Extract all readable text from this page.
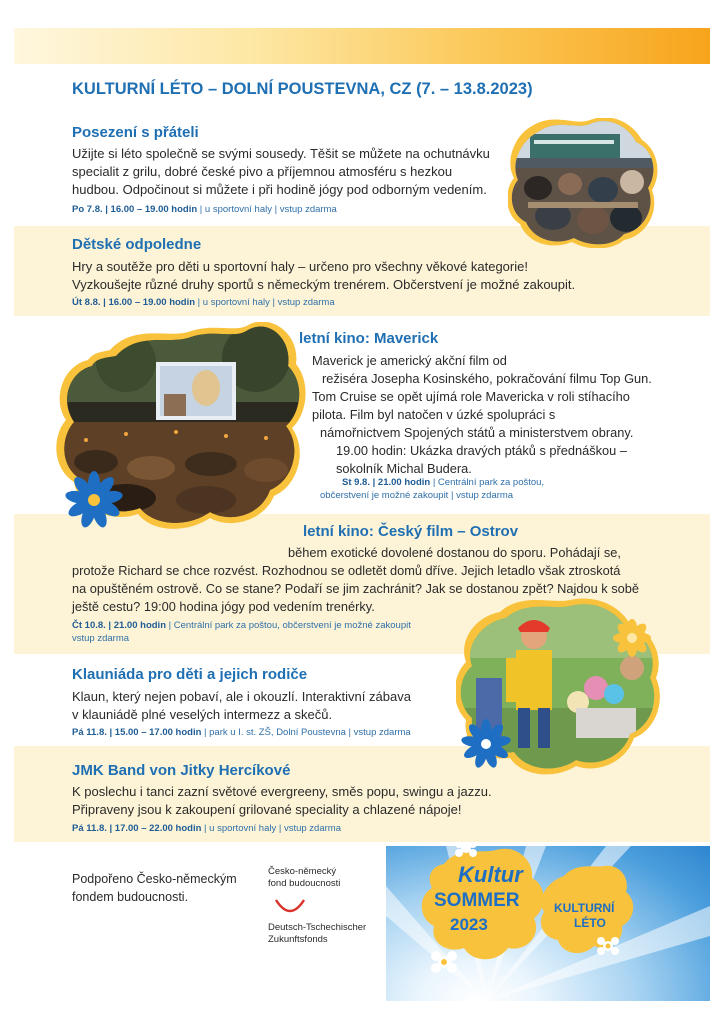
KULTURNÍ LÉTO – DOLNÍ POUSTEVNA, CZ (7. – 13.8.2023)
Posezení s přáteli

Užijte si léto společně se svými sousedy. Těšit se můžete na ochutnávku
specialit z grilu, dobré české pivo a příjemnou atmosféru s hezkou
hudbou. Odpočinout si můžete i při hodině jógy pod odborným vedením.

Po 7.8. | 16.00 – 19.00 hodin | u sportovní haly | vstup zdarma
Dětské odpoledne

Hry a soutěže pro děti u sportovní haly – určeno pro všechny věkové kategorie!
Vyzkoušejte různé druhy sportů s německým trenérem. Občerstvení je možné zakoupit.

Út 8.8. | 16.00 – 19.00 hodin | u sportovní haly | vstup zdarma
letní kino: Maverick

Maverick je americký akční film od
režiséra Josepha Kosinského, pokračování filmu Top Gun.
Tom Cruise se opět ujímá role Mavericka v roli stíhacího
pilota. Film byl natočen v úzké spolupráci s
námořnictvem Spojených států a ministerstvem obrany.
19.00 hodin: Ukázka dravých ptáků s přednáškou –
sokolník Michal Budera.

St 9.8. | 21.00 hodin | Centrální park za poštou,
občerstvení je možné zakoupit | vstup zdarma
letní kino: Český film – Ostrov

během exotické dovolené dostanou do sporu. Pohádají se,
protože Richard se chce rozvést. Rozhodnou se odletět domů dříve. Jejich letadlo však ztroskotá
na opuštěném ostrově. Co se stane? Podaří se jim zachránit? Jak se dostanou zpět? Najdou k sobě
ještě cestu? 19:00 hodina jógy pod vedením trenérky.

Čt 10.8. | 21.00 hodin | Centrální park za poštou, občerstvení je možné zakoupit
vstup zdarma
Klauniáda pro děti a jejich rodiče

Klaun, který nejen pobaví, ale i okouzlí. Interaktivní zábava
v klauniádě plné veselých intermezz a skečů.

Pá 11.8. | 15.00 – 17.00 hodin | park u I. st. ZŠ, Dolní Poustevna | vstup zdarma
JMK Band von Jitky Hercíkové

K poslechu i tanci zazní světové evergreeny, směs popu, swingu a jazzu.
Připraveny jsou k zakoupení grilované speciality a chlazené nápoje!

Pá 11.8. | 17.00 – 22.00 hodin | u sportovní haly | vstup zdarma
Podpořeno Česko-německým
fondem budoucnosti.
Česko-německý
fond budoucnosti
Deutsch-Tschechischer
Zukunftsfonds
Kultur
SOMMER
2023
KULTURNÍ
LÉTO
